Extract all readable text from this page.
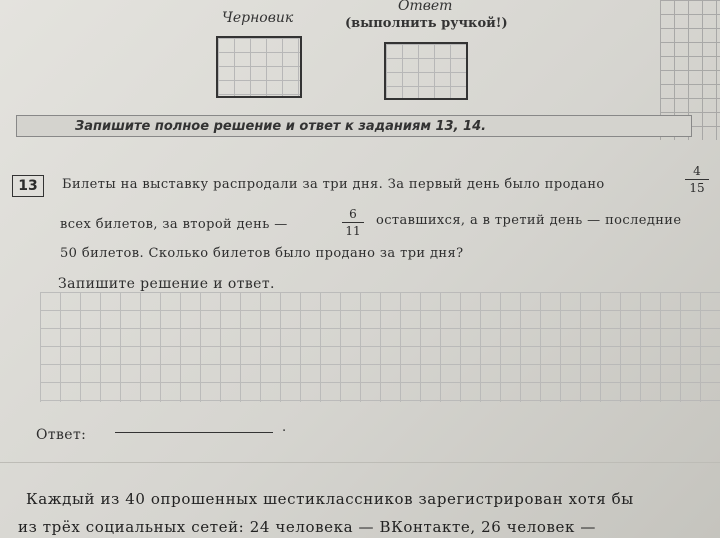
Черновик
Ответ
(выполнить ручкой!)
Запишите полное решение и ответ к заданиям 13, 14.
13	Билеты на выставку распродали за три дня. За первый день было продано
4
15
всех билетов, за второй день —
6
11
оставшихся, а в третий день — последние
50 билетов. Сколько билетов было продано за три дня?
Запишите решение и ответ.
Ответ:	.
Каждый из 40 опрошенных шестиклассников зарегистрирован хотя бы
из трёх социальных сетей: 24 человека — ВКонтакте, 26 человек —
